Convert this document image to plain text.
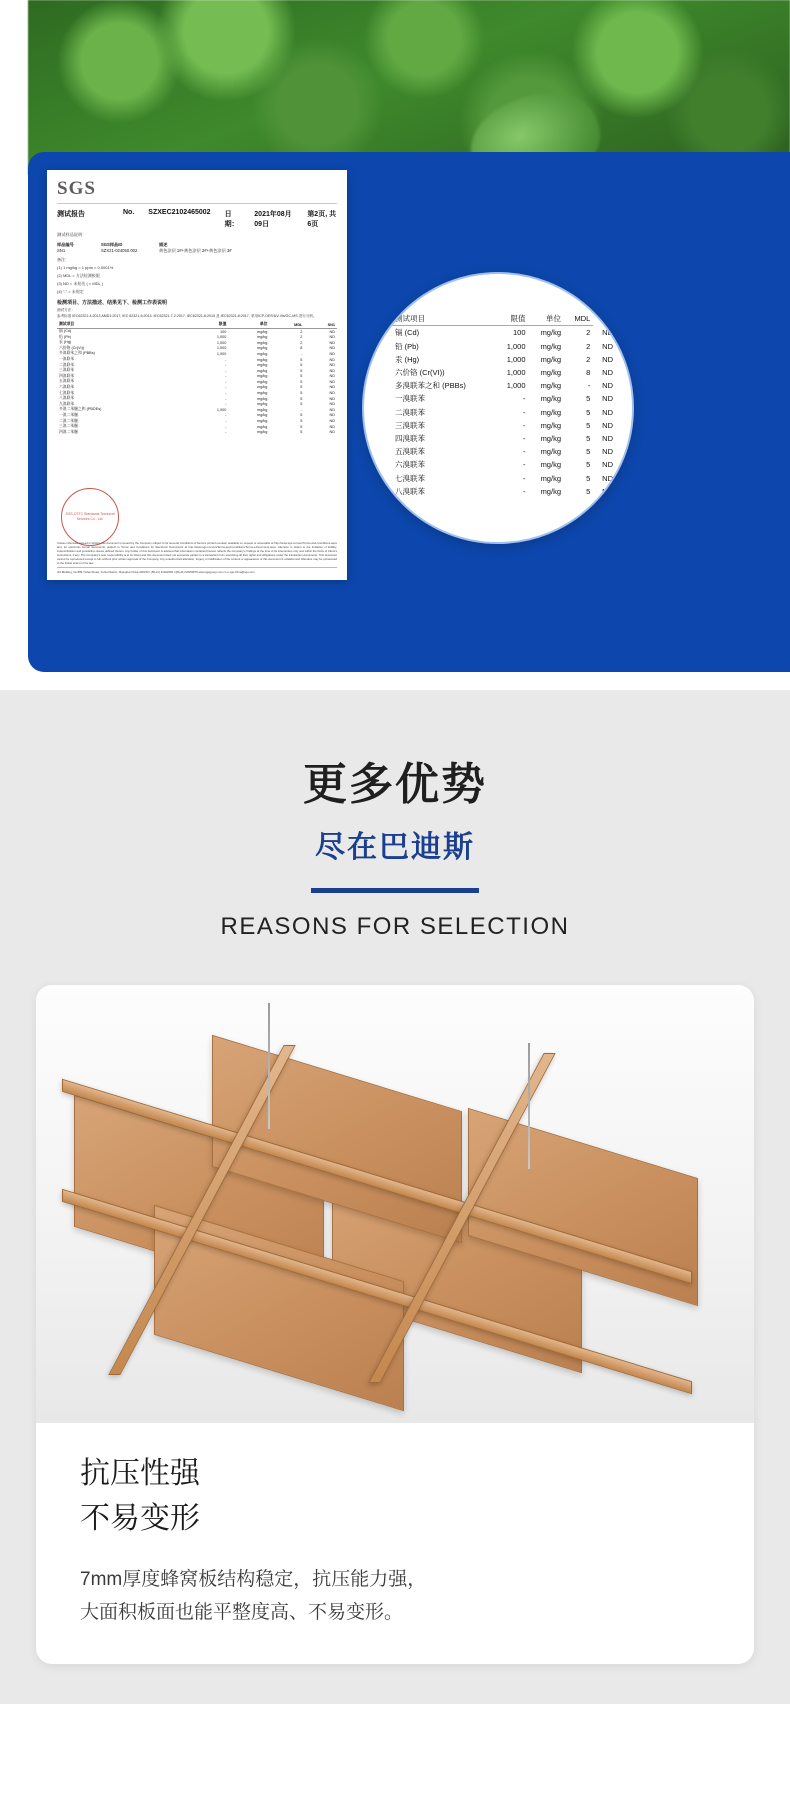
SGS
测试报告	No. SZXEC2102465002 日期：
2021年08月09日
第2页, 共6页
测试样品说明：
样品编号	SGS样品ID	描述
SN1	SZX21-024050.002	黄色涂层 1#+黄色涂层 2#+黄色涂层 3#
备注：
(1) 1 mg/kg = 1 ppm = 0.0001%
(2) MDL = 方法检测极限
(3) ND = 未检出 ( < MDL )
(4) "-" = 未规定
检测项目、方法描述、结果见下、检测工作表说明
测试方法：
参考标准 IEC62321-4:2013 AMD1:2017, IEC 62321-5:2013, IEC62321-7-2:2017, IEC62321-6:2015 及 IEC62321-8:2017, 采用ICP-OES/UV-Vis/GC-MS 进行分析。
测试项目	限值	单位	MDL	SN1
镉 (Cd)	100	mg/kg	2	ND
铅 (Pb)	1,000	mg/kg	2	ND
汞 (Hg)	1,000	mg/kg	2	ND
六价铬 (Cr(VI))	1,000	mg/kg	8	ND
多溴联苯之和 (PBBs)	1,000	mg/kg	-	ND
一溴联苯	-	mg/kg	5	ND
二溴联苯	-	mg/kg	5	ND
三溴联苯	-	mg/kg	5	ND
四溴联苯	-	mg/kg	5	ND
五溴联苯	-	mg/kg	5	ND
六溴联苯	-	mg/kg	5	ND
七溴联苯	-	mg/kg	5	ND
八溴联苯	-	mg/kg	5	ND
九溴联苯	-	mg/kg	5	ND
多溴二苯醚之和 (PBDEs)	1,000	mg/kg	-	ND
一溴二苯醚	-	mg/kg	5	ND
二溴二苯醚	-	mg/kg	5	ND
三溴二苯醚	-	mg/kg	5	ND
四溴二苯醚	-	mg/kg	5	ND
SGS-CSTC Standards Technical Services Co., Ltd.
Unless otherwise agreed in writing, this document is issued by the Company subject to its General Conditions of Service printed overleaf, available on request or accessible at http://www.sgs.com/en/Terms-and-Conditions.aspx and, for electronic format documents, subject to Terms and Conditions for Electronic Documents at http://www.sgs.com/en/Terms-and-Conditions/Terms-e-Document.aspx. Attention is drawn to the limitation of liability, indemnification and jurisdiction issues defined therein. Any holder of this document is advised that information contained hereon reflects the Company's findings at the time of its intervention only and within the limits of Client's instructions, if any. The Company's sole responsibility is to its Client and this document does not exonerate parties to a transaction from exercising all their rights and obligations under the transaction documents. This document cannot be reproduced except in full, without prior written approval of the Company. Any unauthorized alteration, forgery or falsification of the content or appearance of this document is unlawful and offenders may be prosecuted to the fullest extent of the law.
3rd Building, No.889 Yishan Road, Xuhui District, Shanghai China 200233 t (86-21) 61402666 f (86-21) 64953679 www.sgsgroup.com.cn e sgs.china@sgs.com
测试项目	限值	单位	MDL	
镉 (Cd)	100	mg/kg	2	ND
铅 (Pb)	1,000	mg/kg	2	ND
汞 (Hg)	1,000	mg/kg	2	ND
六价铬 (Cr(VI))	1,000	mg/kg	8	ND
多溴联苯之和 (PBBs)	1,000	mg/kg	-	ND
一溴联苯	-	mg/kg	5	ND
二溴联苯	-	mg/kg	5	ND
三溴联苯	-	mg/kg	5	ND
四溴联苯	-	mg/kg	5	ND
五溴联苯	-	mg/kg	5	ND
六溴联苯	-	mg/kg	5	ND
七溴联苯	-	mg/kg	5	ND
八溴联苯	-	mg/kg	5	ND
更多优势
尽在巴迪斯
REASONS FOR SELECTION
抗压性强
不易变形
7mm厚度蜂窝板结构稳定，抗压能力强，
大面积板面也能平整度高、不易变形。
